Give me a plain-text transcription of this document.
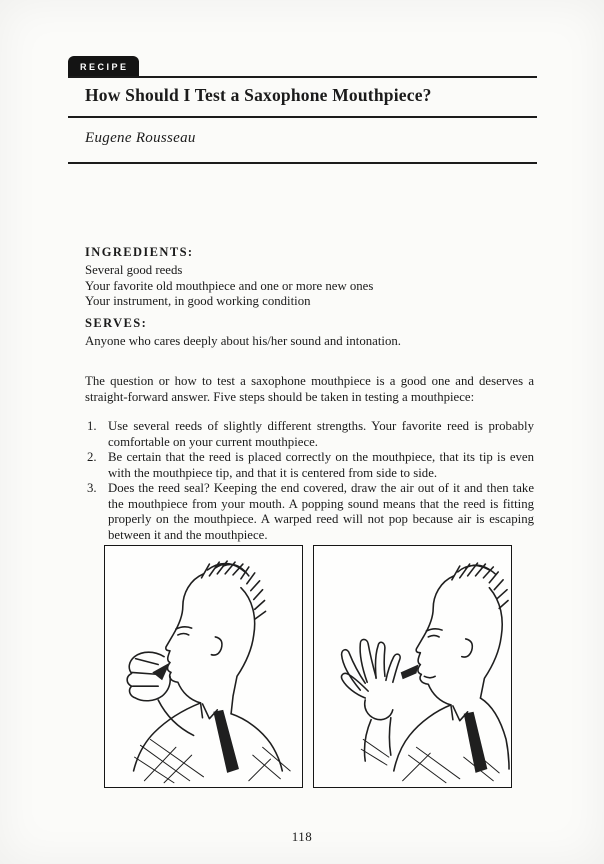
RECIPE
How Should I Test a Saxophone Mouthpiece?
Eugene Rousseau
INGREDIENTS:
Several good reeds
Your favorite old mouthpiece and one or more new ones
Your instrument, in good working condition
SERVES:
Anyone who cares deeply about his/her sound and intonation.

The question or how to test a saxophone mouthpiece is a good one and deserves a straight-forward answer. Five steps should be taken in testing a mouthpiece:

1. Use several reeds of slightly different strengths. Your favorite reed is probably comfortable on your current mouthpiece.
2. Be certain that the reed is placed correctly on the mouthpiece, that its tip is even with the mouthpiece tip, and that it is centered from side to side.
3. Does the reed seal? Keeping the end covered, draw the air out of it and then take the mouthpiece from your mouth. A popping sound means that the reed is fitting properly on the mouthpiece. A warped reed will not pop because air is escaping between it and the mouthpiece.
118
